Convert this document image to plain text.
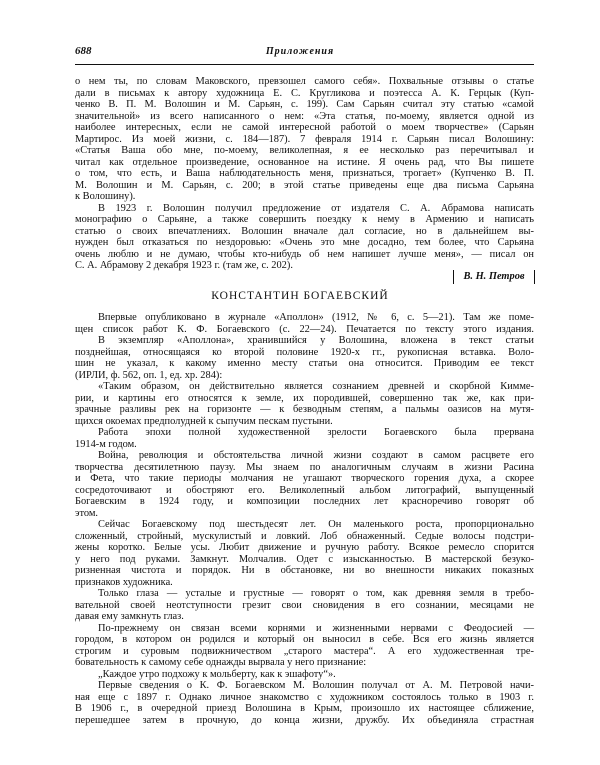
688	Приложения
о нем ты, по словам Маковского, превзошел самого себя». Похвальные отзывы о статье
дали в письмах к автору художница Е. С. Кругликова и поэтесса А. К. Герцык (Куп-
ченко В. П. М. Волошин и М. Сарьян, с. 199). Сам Сарьян считал эту статью «самой
значительной» из всего написанного о нем: «Эта статья, по-моему, является одной из
наиболее интересных, если не самой интересной работой о моем творчестве» (Сарьян
Мартирос. Из моей жизни, с. 184—187). 7 февраля 1914 г. Сарьян писал Волошину:
«Статья Ваша обо мне, по-моему, великолепная, я ее несколько раз перечитывал и
читал как отдельное произведение, основанное на истине. Я очень рад, что Вы пишете
о том, что есть, и Ваша наблюдательность меня, признаться, трогает» (Купченко В. П.
М. Волошин и М. Сарьян, с. 200; в этой статье приведены еще два письма Сарьяна
к Волошину).
В 1923 г. Волошин получил предложение от издателя С. А. Абрамова написать
монографию о Сарьяне, а также совершить поездку к нему в Армению и написать
статью о своих впечатлениях. Волошин вначале дал согласие, но в дальнейшем вы-
нужден был отказаться по нездоровью: «Очень это мне досадно, тем более, что Сарьяна
очень люблю и не думаю, чтобы кто-нибудь об нем напишет лучше меня», — писал он
С. А. Абрамову 2 декабря 1923 г. (там же, с. 202).
В. Н. Петров
КОНСТАНТИН БОГАЕВСКИЙ
Впервые опубликовано в журнале «Аполлон» (1912, № 6, с. 5—21). Там же поме-
щен список работ К. Ф. Богаевского (с. 22—24). Печатается по тексту этого издания.
В экземпляр «Аполлона», хранившийся у Волошина, вложена в текст статьи
позднейшая, относящаяся ко второй половине 1920-х гг., рукописная вставка. Воло-
шин не указал, к какому именно месту статьи она относится. Приводим ее текст
(ИРЛИ, ф. 562, оп. 1, ед. хр. 284):
«Таким образом, он действительно является сознанием древней и скорбной Кимме-
рии, и картины его относятся к земле, их породившей, совершенно так же, как при-
зрачные разливы рек на горизонте — к безводным степям, а пальмы оазисов на мутя-
щихся окоемах предполудней к сыпучим пескам пустыни.
Работа эпохи полной художественной зрелости Богаевского была прервана
1914-м годом.
Война, революция и обстоятельства личной жизни создают в самом расцвете его
творчества десятилетнюю паузу. Мы знаем по аналогичным случаям в жизни Расина
и Фета, что такие периоды молчания не угашают творческого горения духа, а скорее
сосредоточивают и обостряют его. Великолепный альбом литографий, выпущенный
Богаевским в 1924 году, и композиции последних лет красноречиво говорят об
этом.
Сейчас Богаевскому под шестьдесят лет. Он маленького роста, пропорционально
сложенный, стройный, мускулистый и ловкий. Лоб обнаженный. Седые волосы подстри-
жены коротко. Белые усы. Любит движение и ручную работу. Всякое ремесло спорится
у него под руками. Замкнут. Молчалив. Одет с изысканностью. В мастерской безуко-
ризненная чистота и порядок. Ни в обстановке, ни во внешности никаких показных
признаков художника.
Только глаза — усталые и грустные — говорят о том, как древняя земля в требо-
вательной своей неотступности грезит свои сновидения в его сознании, месяцами не
давая ему замкнуть глаз.
По-прежнему он связан всеми корнями и жизненными нервами с Феодосией —
городом, в котором он родился и который он выносил в себе. Вся его жизнь является
строгим и суровым подвижничеством „старого мастера“. А его художественная тре-
бовательность к самому себе однажды вырвала у него признание:
„Каждое утро подхожу к мольберту, как к эшафоту“».
Первые сведения о К. Ф. Богаевском М. Волошин получал от А. М. Петровой начи-
ная еще с 1897 г. Однако личное знакомство с художником состоялось только в 1903 г.
В 1906 г., в очередной приезд Волошина в Крым, произошло их настоящее сближение,
перешедшее затем в прочную, до конца жизни, дружбу. Их объединяла страстная
